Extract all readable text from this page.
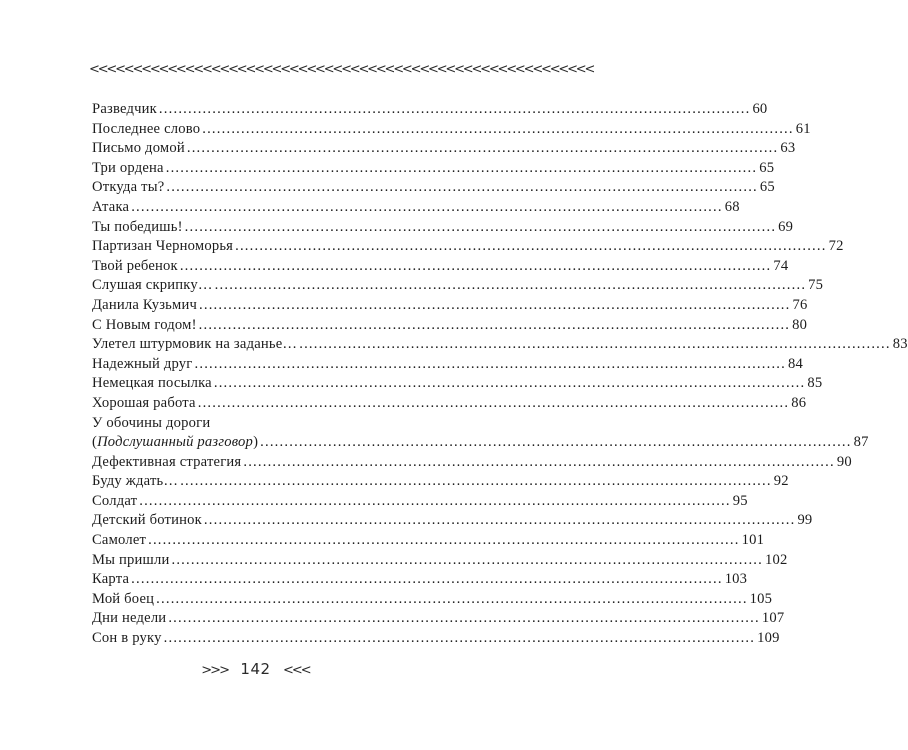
<<<<<<<<<<<<<<<<<<<<<<<<<<<<<<<<<<<<<<<<<<<<<<<<<<<<<<<<<<
Разведчик .....	60
Последнее слово .....	61
Письмо домой .....	63
Три ордена .....	65
Откуда ты? .....	65
Атака .....	68
Ты победишь! .....	69
Партизан Черноморья .....	72
Твой ребенок .....	74
Слушая скрипку… .....	75
Данила Кузьмич .....	76
С Новым годом! .....	80
Улетел штурмовик на заданье… .....	83
Надежный друг .....	84
Немецкая посылка .....	85
Хорошая работа .....	86
У обочины дороги
(Подслушанный разговор) .....	87
Дефективная стратегия .....	90
Буду ждать… .....	92
Солдат .....	95
Детский ботинок .....	99
Самолет .....	101
Мы пришли .....	102
Карта .....	103
Мой боец .....	105
Дни недели .....	107
Сон в руку .....	109
>>> 142 <<<
